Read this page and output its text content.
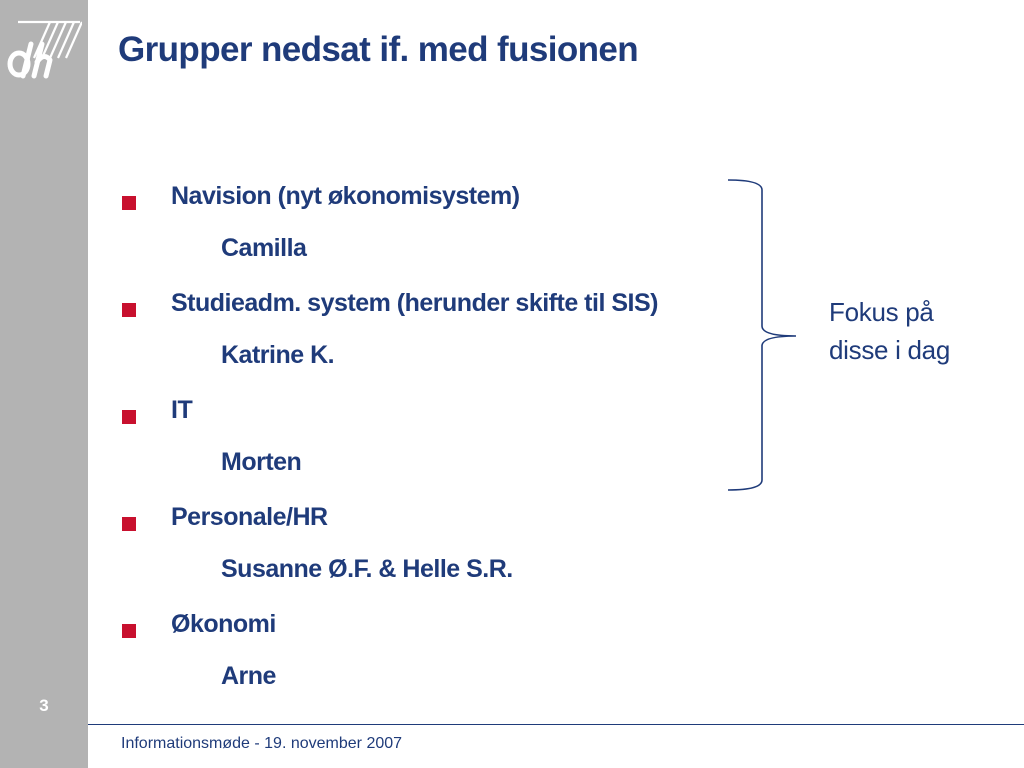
3
Grupper nedsat if. med fusionen
Navision (nyt økonomisystem)
Camilla
Studieadm. system (herunder skifte til SIS)
Katrine K.
IT
Morten
Personale/HR
Susanne Ø.F. & Helle S.R.
Økonomi
Arne
Fokus på
disse i dag
Informationsmøde - 19. november 2007
